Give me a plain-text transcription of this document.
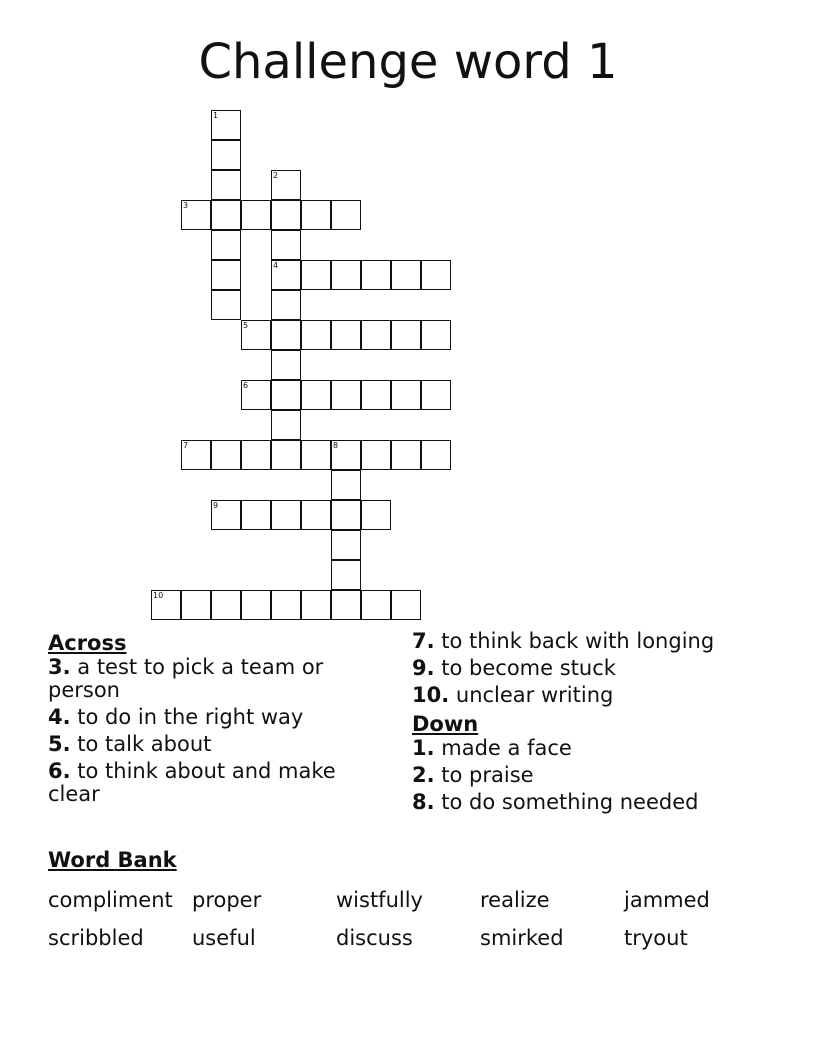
Challenge word 1
1
2
4
3
5
6
7	8
9
10
Across
3. a test to pick a team or person
4. to do in the right way
5. to talk about
6. to think about and make clear
7. to think back with longing
9. to become stuck
10. unclear writing
Down
1. made a face
2. to praise
8. to do something needed
Word Bank
compliment proper	wistfully	realize	jammed
scribbled	useful	discuss	smirked	tryout
